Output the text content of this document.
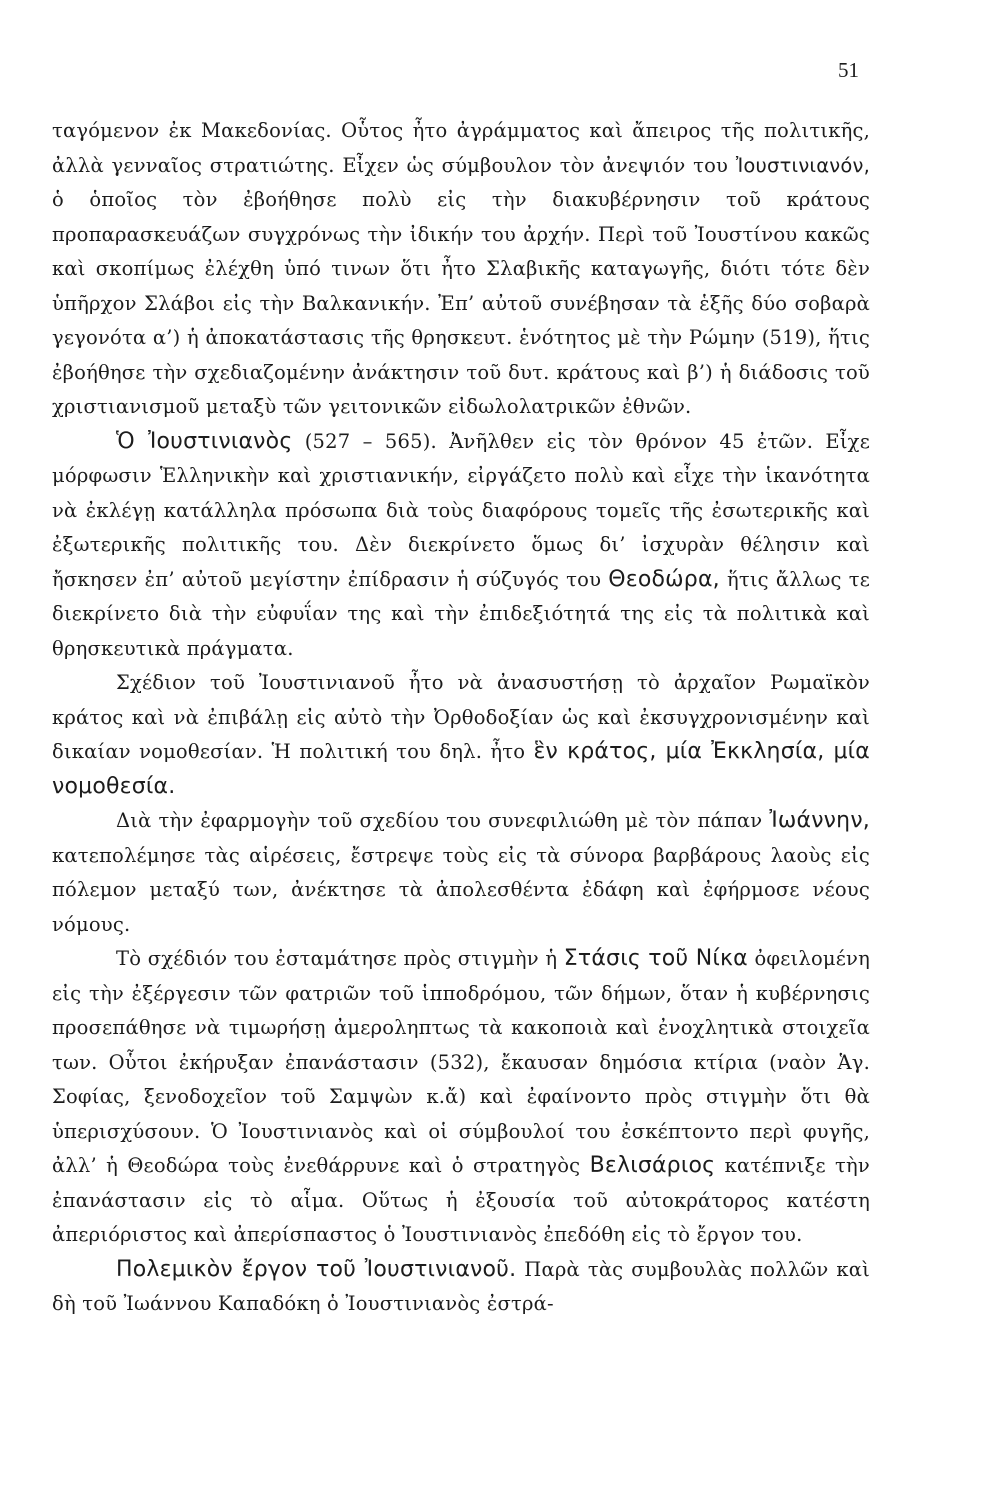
51

ταγόμενον ἐκ Μακεδονίας. Οὗτος ἦτο ἀγράμματος καὶ ἄπειρος τῆς πολιτικῆς, ἀλλὰ γενναῖος στρατιώτης. Εἶχεν ὡς σύμβουλον τὸν ἀνεψιόν του Ἰουστινιανόν, ὁ ὁποῖος τὸν ἐβοήθησε πολὺ εἰς τὴν διακυβέρνησιν τοῦ κράτους προπαρασκευάζων συγχρόνως τὴν ἰδικήν του ἀρχήν. Περὶ τοῦ Ἰουστίνου κακῶς καὶ σκοπίμως ἐλέχθη ὑπό τινων ὅτι ἦτο Σλαβικῆς καταγωγῆς, διότι τότε δὲν ὑπῆρχον Σλάβοι εἰς τὴν Βαλκανικήν. Ἐπ’ αὐτοῦ συνέβησαν τὰ ἑξῆς δύο σοβαρὰ γεγονότα α’) ἡ ἀποκατάστασις τῆς θρησκευτ. ἑνότητος μὲ τὴν Ρώμην (519), ἥτις ἐβοήθησε τὴν σχεδιαζομένην ἀνάκτησιν τοῦ δυτ. κράτους καὶ β’) ἡ διάδοσις τοῦ χριστιανισμοῦ μεταξὺ τῶν γειτονικῶν εἰδωλολατρικῶν ἐθνῶν.

Ὁ Ἰουστινιανὸς (527 – 565). Ἀνῆλθεν εἰς τὸν θρόνον 45 ἐτῶν. Εἶχε μόρφωσιν Ἑλληνικὴν καὶ χριστιανικήν, εἰργάζετο πολὺ καὶ εἶχε τὴν ἱκανότητα νὰ ἐκλέγῃ κατάλληλα πρόσωπα διὰ τοὺς διαφόρους τομεῖς τῆς ἐσωτερικῆς καὶ ἐξωτερικῆς πολιτικῆς του. Δὲν διεκρίνετο ὅμως δι’ ἰσχυρὰν θέλησιν καὶ ἤσκησεν ἐπ’ αὐτοῦ μεγίστην ἐπίδρασιν ἡ σύζυγός του Θεοδώρα, ἥτις ἄλλως τε διεκρίνετο διὰ τὴν εὐφυΐαν της καὶ τὴν ἐπιδεξιότητά της εἰς τὰ πολιτικὰ καὶ θρησκευτικὰ πράγματα.

Σχέδιον τοῦ Ἰουστινιανοῦ ἦτο νὰ ἀνασυστήσῃ τὸ ἀρχαῖον Ρωμαϊκὸν κράτος καὶ νὰ ἐπιβάλῃ εἰς αὐτὸ τὴν Ὀρθοδοξίαν ὡς καὶ ἐκσυγχρονισμένην καὶ δικαίαν νομοθεσίαν. Ἡ πολιτική του δηλ. ἦτο ἓν κράτος, μία Ἐκκλησία, μία νομοθεσία.

Διὰ τὴν ἐφαρμογὴν τοῦ σχεδίου του συνεφιλιώθη μὲ τὸν πάπαν Ἰωάννην, κατεπολέμησε τὰς αἱρέσεις, ἔστρεψε τοὺς εἰς τὰ σύνορα βαρβάρους λαοὺς εἰς πόλεμον μεταξύ των, ἀνέκτησε τὰ ἀπολεσθέντα ἐδάφη καὶ ἐφήρμοσε νέους νόμους.

Τὸ σχέδιόν του ἐσταμάτησε πρὸς στιγμὴν ἡ Στάσις τοῦ Νίκα ὀφειλομένη εἰς τὴν ἐξέργεσιν τῶν φατριῶν τοῦ ἱπποδρόμου, τῶν δήμων, ὅταν ἡ κυβέρνησις προσεπάθησε νὰ τιμωρήσῃ ἀμεροληπτως τὰ κακοποιὰ καὶ ἐνοχλητικὰ στοιχεῖα των. Οὗτοι ἐκήρυξαν ἐπανάστασιν (532), ἔκαυσαν δημόσια κτίρια (ναὸν Ἁγ. Σοφίας, ξενοδοχεῖον τοῦ Σαμψὼν κ.ἄ) καὶ ἐφαίνοντο πρὸς στιγμὴν ὅτι θὰ ὑπερισχύσουν. Ὁ Ἰουστινιανὸς καὶ οἱ σύμβουλοί του ἐσκέπτοντο περὶ φυγῆς, ἀλλ’ ἡ Θεοδώρα τοὺς ἐνεθάρρυνε καὶ ὁ στρατηγὸς Βελισάριος κατέπνιξε τὴν ἐπανάστασιν εἰς τὸ αἷμα. Οὕτως ἡ ἐξουσία τοῦ αὐτοκράτορος κατέστη ἀπεριόριστος καὶ ἀπερίσπαστος ὁ Ἰουστινιανὸς ἐπεδόθη εἰς τὸ ἔργον του.

Πολεμικὸν ἔργον τοῦ Ἰουστινιανοῦ. Παρὰ τὰς συμβουλὰς πολλῶν καὶ δὴ τοῦ Ἰωάννου Καπαδόκη ὁ Ἰουστινιανὸς ἐστρά-
